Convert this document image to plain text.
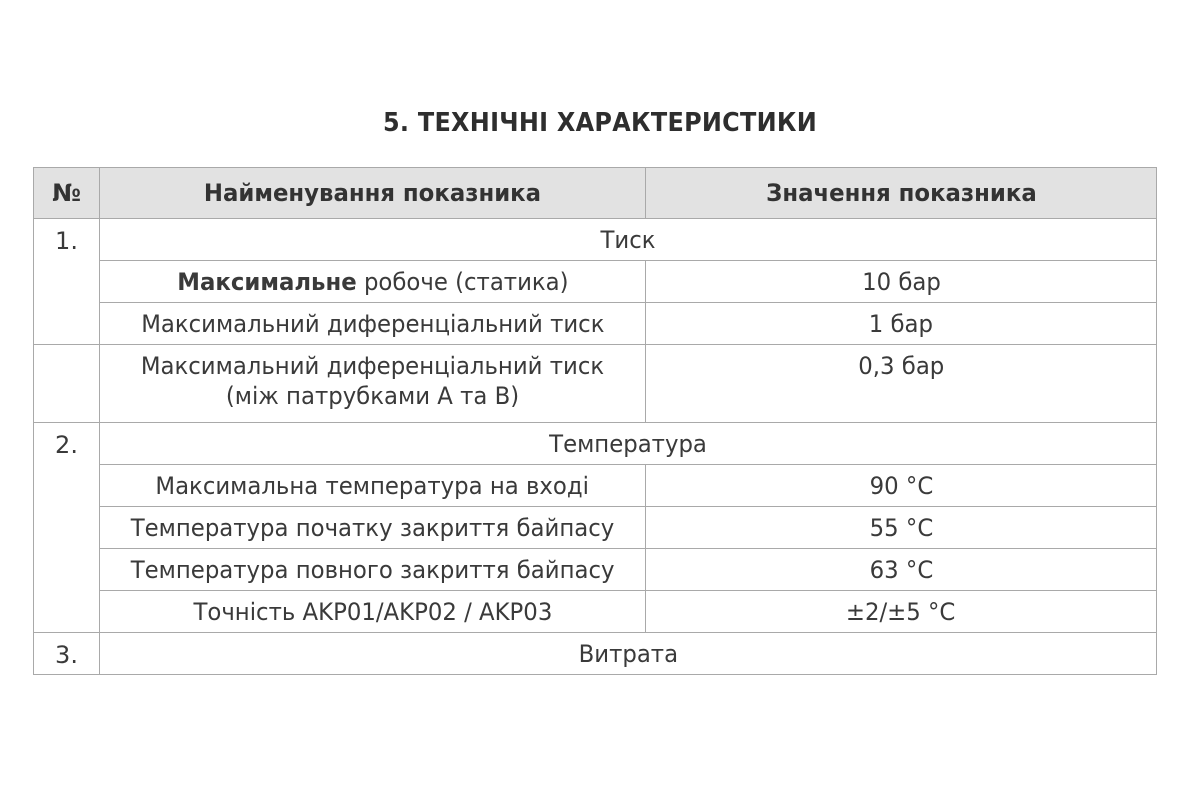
5. ТЕХНІЧНІ ХАРАКТЕРИСТИКИ
№	Найменування показника	Значення показника
1.	Тиск	
	Максимальне робоче (статика)	10 бар
	Максимальний диференціальний тиск	1 бар

	Максимальний диференціальний тиск
(між патрубками А та В)	0,3 бар
2.	Температура	
	Максимальна температура на вході	90 °C
	Температура початку закриття байпасу	55 °C
	Температура повного закриття байпасу	63 °C
	Точність AKP01/AKP02 / AKP03	±2/±5 °C
3.	Витрата	
